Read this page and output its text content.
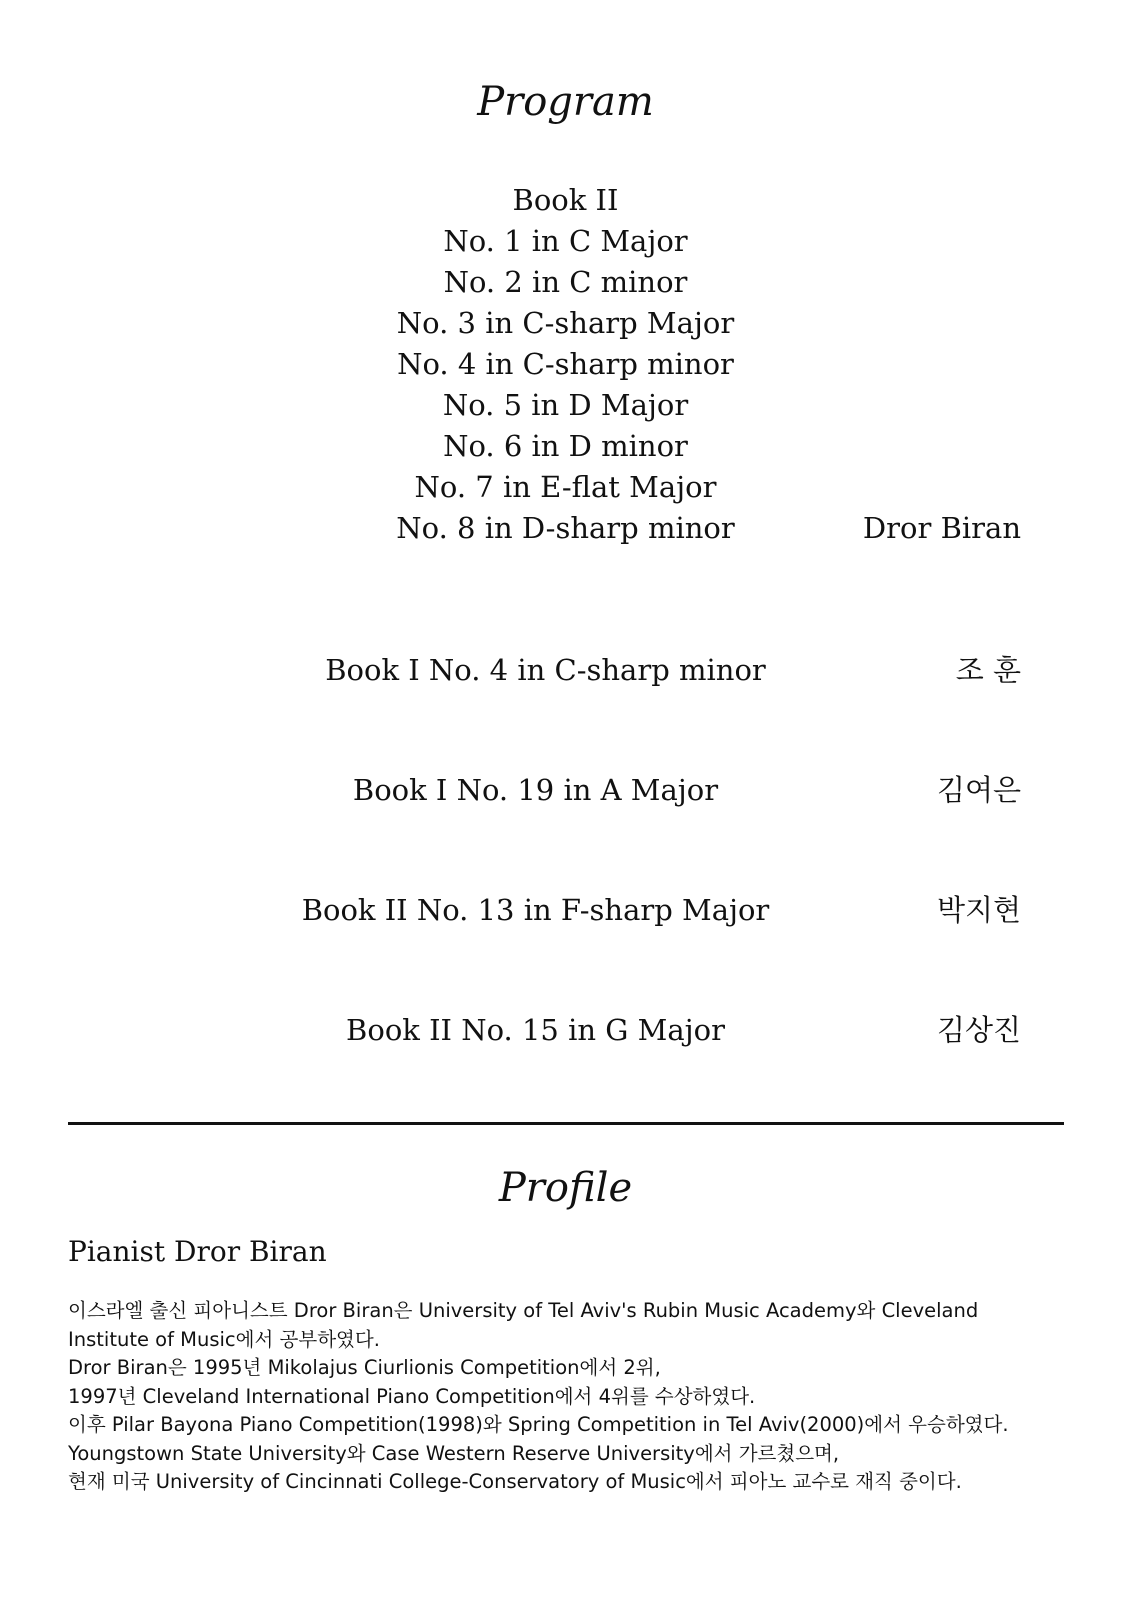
Program
Book II
No. 1 in C Major
No. 2 in C minor
No. 3 in C-sharp Major
No. 4 in C-sharp minor
No. 5 in D Major
No. 6 in D minor
No. 7 in E-flat Major
No. 8 in D-sharp minor	Dror Biran
Book I No. 4 in C-sharp minor	조 훈
Book I No. 19 in A Major	김여은
Book II No. 13 in F-sharp Major	박지현
Book II No. 15 in G Major	김상진
Profile
Pianist Dror Biran
이스라엘 출신 피아니스트 Dror Biran은 University of Tel Aviv's Rubin Music Academy와 Cleveland
Institute of Music에서 공부하였다.
Dror Biran은 1995년 Mikolajus Ciurlionis Competition에서 2위,
1997년 Cleveland International Piano Competition에서 4위를 수상하였다.
이후 Pilar Bayona Piano Competition(1998)와 Spring Competition in Tel Aviv(2000)에서 우승하였다.
Youngstown State University와 Case Western Reserve University에서 가르쳤으며,
현재 미국 University of Cincinnati College-Conservatory of Music에서 피아노 교수로 재직 중이다.
